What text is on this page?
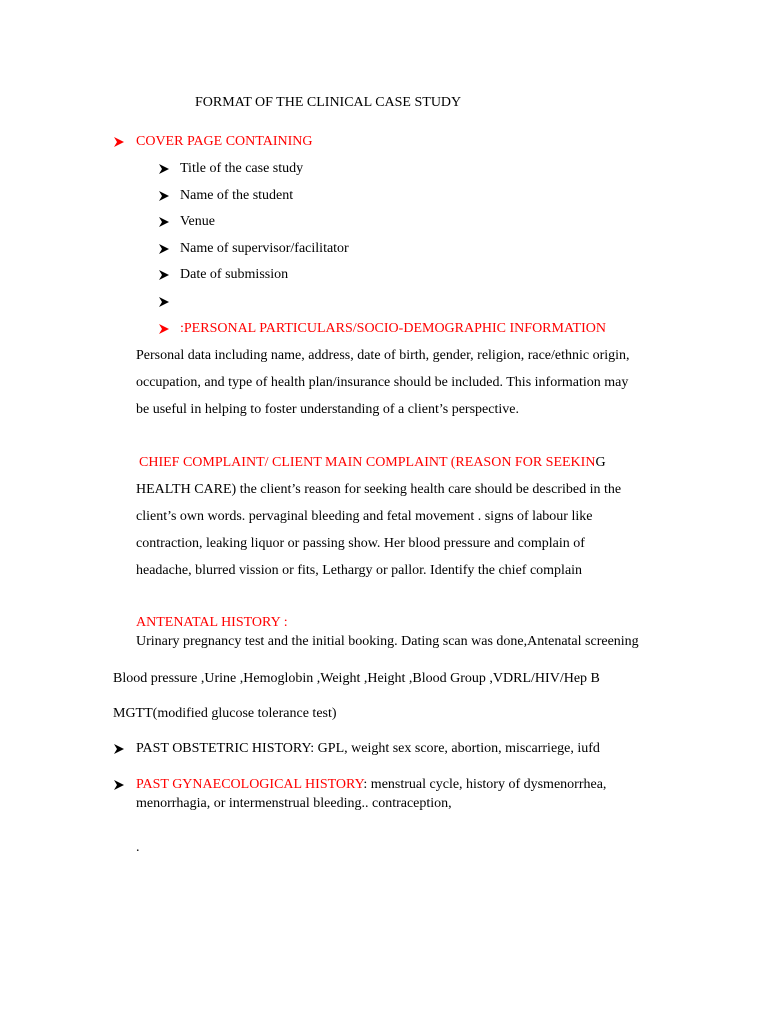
FORMAT OF THE CLINICAL CASE STUDY
COVER PAGE CONTAINING
Title of the case study
Name of the student
Venue
Name of supervisor/facilitator
Date of submission
:PERSONAL PARTICULARS/SOCIO-DEMOGRAPHIC INFORMATION
Personal data including name, address, date of birth, gender, religion, race/ethnic origin,
occupation, and type of health plan/insurance should be included. This information may
be useful in helping to foster understanding of a client’s perspective.
CHIEF COMPLAINT/ CLIENT MAIN COMPLAINT (REASON FOR SEEKING
HEALTH CARE) the client’s reason for seeking health care should be described in the
client’s own words. pervaginal bleeding and fetal movement . signs of labour like
contraction, leaking liquor or passing show. Her blood pressure and complain of
headache, blurred vission or fits, Lethargy or pallor. Identify the chief complain
ANTENATAL HISTORY :
Urinary pregnancy test and the initial booking. Dating scan was done,Antenatal screening
Blood pressure ,Urine ,Hemoglobin ,Weight ,Height ,Blood Group ,VDRL/HIV/Hep B
MGTT(modified glucose tolerance test)
PAST OBSTETRIC HISTORY: GPL, weight sex score, abortion, miscarriege, iufd
PAST GYNAECOLOGICAL HISTORY: menstrual cycle, history of dysmenorrhea,
menorrhagia, or intermenstrual bleeding.. contraception,
.
